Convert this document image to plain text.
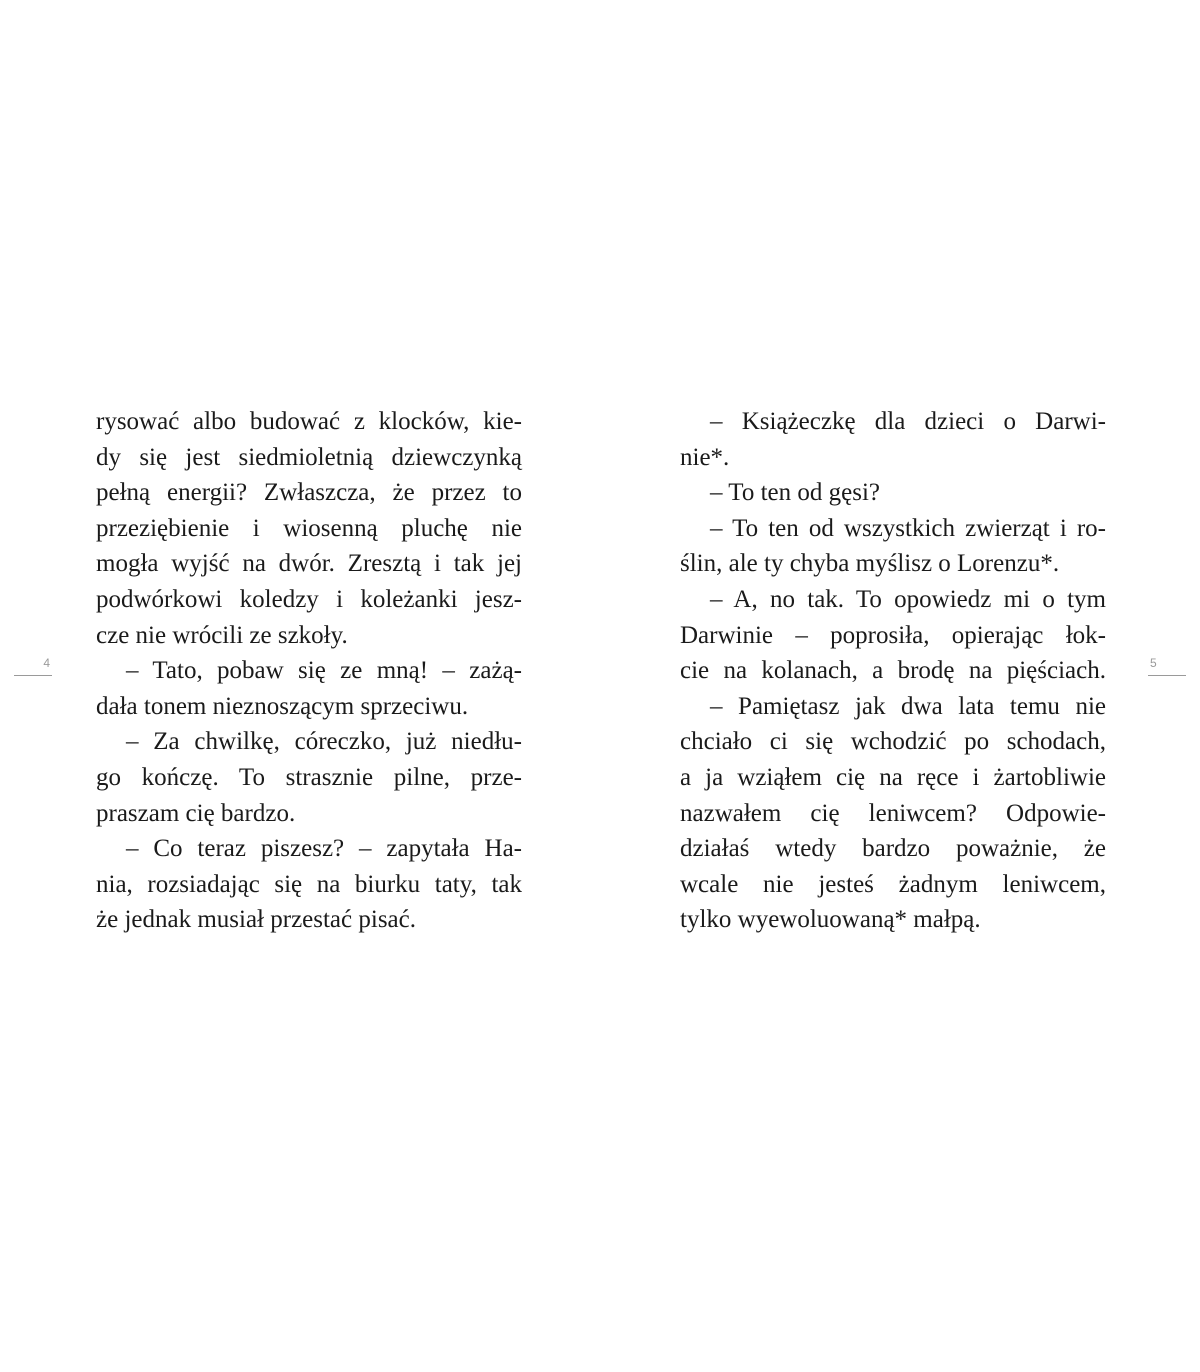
4	5
rysować albo budować z klocków, kie-
dy się jest siedmioletnią dziewczynką
pełną energii? Zwłaszcza, że przez to
przeziębienie i wiosenną pluchę nie
mogła wyjść na dwór. Zresztą i tak jej
podwórkowi koledzy i koleżanki jesz-
cze nie wrócili ze szkoły.
– Tato, pobaw się ze mną! – zażą-
dała tonem nieznoszącym sprzeciwu.
– Za chwilkę, córeczko, już niedłu-
go kończę. To strasznie pilne, prze-
praszam cię bardzo.
– Co teraz piszesz? – zapytała Ha-
nia, rozsiadając się na biurku taty, tak
że jednak musiał przestać pisać.
– Książeczkę dla dzieci o Darwi-
nie*.
– To ten od gęsi?
– To ten od wszystkich zwierząt i ro-
ślin, ale ty chyba myślisz o Lorenzu*.
– A, no tak. To opowiedz mi o tym
Darwinie – poprosiła, opierając łok-
cie na kolanach, a brodę na pięściach.
– Pamiętasz jak dwa lata temu nie
chciało ci się wchodzić po schodach,
a ja wziąłem cię na ręce i żartobliwie
nazwałem cię leniwcem? Odpowie-
działaś wtedy bardzo poważnie, że
wcale nie jesteś żadnym leniwcem,
tylko wyewoluowaną* małpą.
